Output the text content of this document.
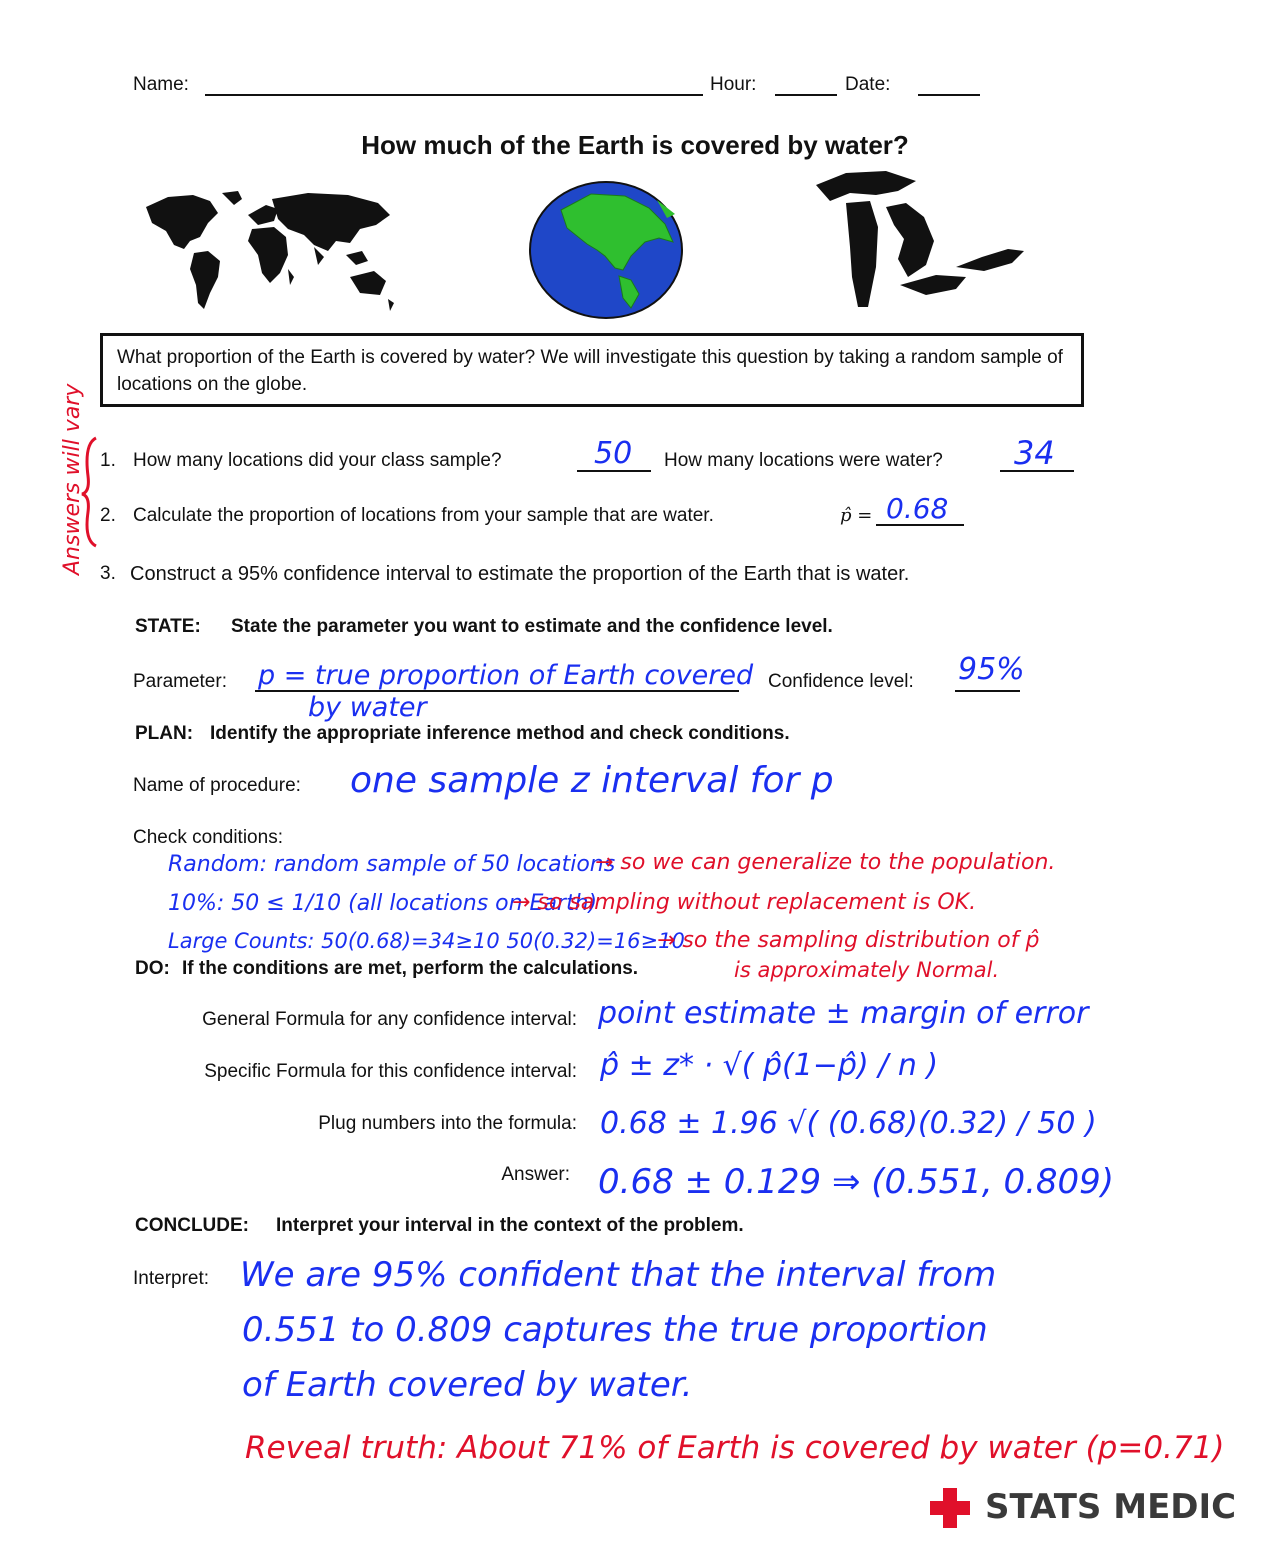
Name:	Hour:	Date:
How much of the Earth is covered by water?
What proportion of the Earth is covered by water? We will investigate this question by taking a random sample of locations on the globe.
Answers will vary 1. How many locations did your class sample?	50 How many locations were water? 34
2. Calculate the proportion of locations from your sample that are water.	p̂ = 0.68
3. Construct a 95% confidence interval to estimate the proportion of the Earth that is water.
STATE: State the parameter you want to estimate and the confidence level.
Parameter: p = true proportion of Earth covered
by water
Confidence level: 95%
PLAN: Identify the appropriate inference method and check conditions.
Name of procedure: one sample z interval for p
Check conditions:
Random: random sample of 50 locations
→ so we can generalize to the population.
10%: 50 ≤ 1/10 (all locations on Earth)
→ so sampling without replacement is OK.
Large Counts: 50(0.68)=34≥10 50(0.32)=16≥10
→ so the sampling distribution of p̂
is approximately Normal.
DO: If the conditions are met, perform the calculations.
General Formula for any confidence interval: point estimate ± margin of error
Specific Formula for this confidence interval: p̂ ± z* · √( p̂(1−p̂) / n )
Plug numbers into the formula: 0.68 ± 1.96 √( (0.68)(0.32) / 50 )
Answer: 0.68 ± 0.129 ⇒ (0.551, 0.809)
CONCLUDE: Interpret your interval in the context of the problem.
Interpret: We are 95% confident that the interval from
0.551 to 0.809 captures the true proportion
of Earth covered by water.
Reveal truth: About 71% of Earth is covered by water (p=0.71)
STATS MEDIC
